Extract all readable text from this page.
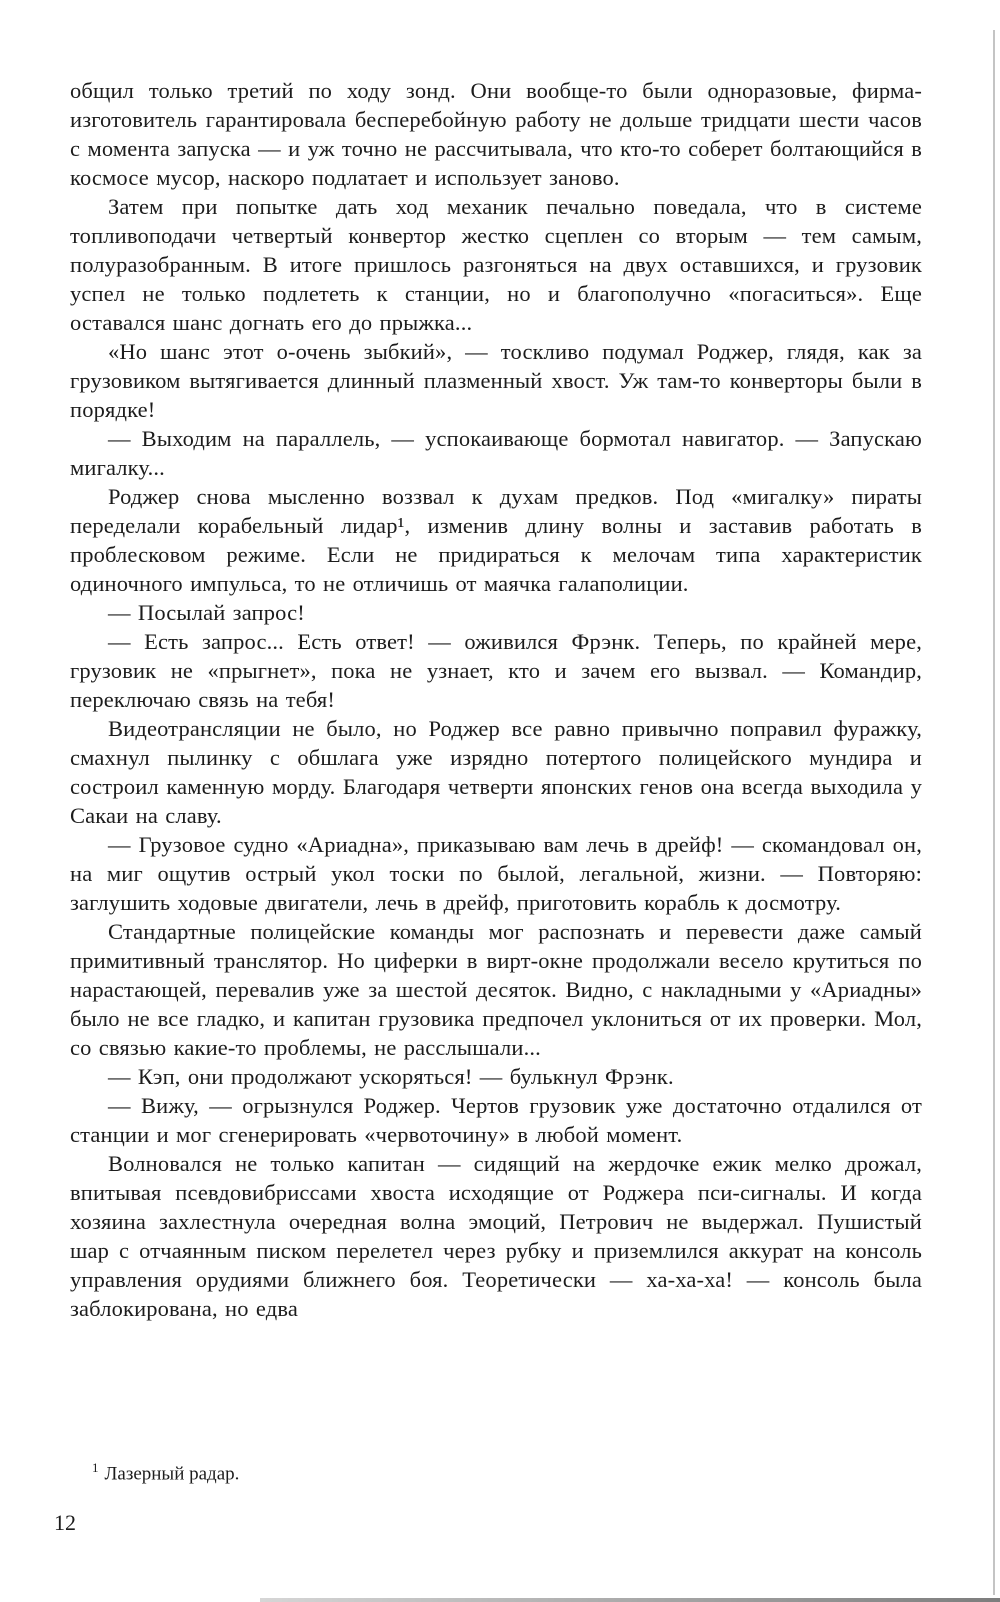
общил только третий по ходу зонд. Они вообще-то были одноразовые, фирма-изготовитель гарантировала бесперебойную работу не дольше тридцати шести часов с момента запуска — и уж точно не рассчитывала, что кто-то соберет болтающийся в космосе мусор, наскоро подлатает и использует заново.

Затем при попытке дать ход механик печально поведала, что в системе топливоподачи четвертый конвертор жестко сцеплен со вторым — тем самым, полуразобранным. В итоге пришлось разгоняться на двух оставшихся, и грузовик успел не только подлететь к станции, но и благополучно «погаситься». Еще оставался шанс догнать его до прыжка...

«Но шанс этот о-очень зыбкий», — тоскливо подумал Роджер, глядя, как за грузовиком вытягивается длинный плазменный хвост. Уж там-то конверторы были в порядке!

— Выходим на параллель, — успокаивающе бормотал навигатор. — Запускаю мигалку...

Роджер снова мысленно воззвал к духам предков. Под «мигалку» пираты переделали корабельный лидар¹, изменив длину волны и заставив работать в проблесковом режиме. Если не придираться к мелочам типа характеристик одиночного импульса, то не отличишь от маячка галаполиции.

— Посылай запрос!

— Есть запрос... Есть ответ! — оживился Фрэнк. Теперь, по крайней мере, грузовик не «прыгнет», пока не узнает, кто и зачем его вызвал. — Командир, переключаю связь на тебя!

Видеотрансляции не было, но Роджер все равно привычно поправил фуражку, смахнул пылинку с обшлага уже изрядно потертого полицейского мундира и состроил каменную морду. Благодаря четверти японских генов она всегда выходила у Сакаи на славу.

— Грузовое судно «Ариадна», приказываю вам лечь в дрейф! — скомандовал он, на миг ощутив острый укол тоски по былой, легальной, жизни. — Повторяю: заглушить ходовые двигатели, лечь в дрейф, приготовить корабль к досмотру.

Стандартные полицейские команды мог распознать и перевести даже самый примитивный транслятор. Но циферки в вирт-окне продолжали весело крутиться по нарастающей, перевалив уже за шестой десяток. Видно, с накладными у «Ариадны» было не все гладко, и капитан грузовика предпочел уклониться от их проверки. Мол, со связью какие-то проблемы, не расслышали...

— Кэп, они продолжают ускоряться! — булькнул Фрэнк.

— Вижу, — огрызнулся Роджер. Чертов грузовик уже достаточно отдалился от станции и мог сгенерировать «червоточину» в любой момент.

Волновался не только капитан — сидящий на жердочке ежик мелко дрожал, впитывая псевдовибриссами хвоста исходящие от Роджера пси-сигналы. И когда хозяина захлестнула очередная волна эмоций, Петрович не выдержал. Пушистый шар с отчаянным писком перелетел через рубку и приземлился аккурат на консоль управления орудиями ближнего боя. Теоретически — ха-ха-ха! — консоль была заблокирована, но едва

$^1$ Лазерный радар.
12
